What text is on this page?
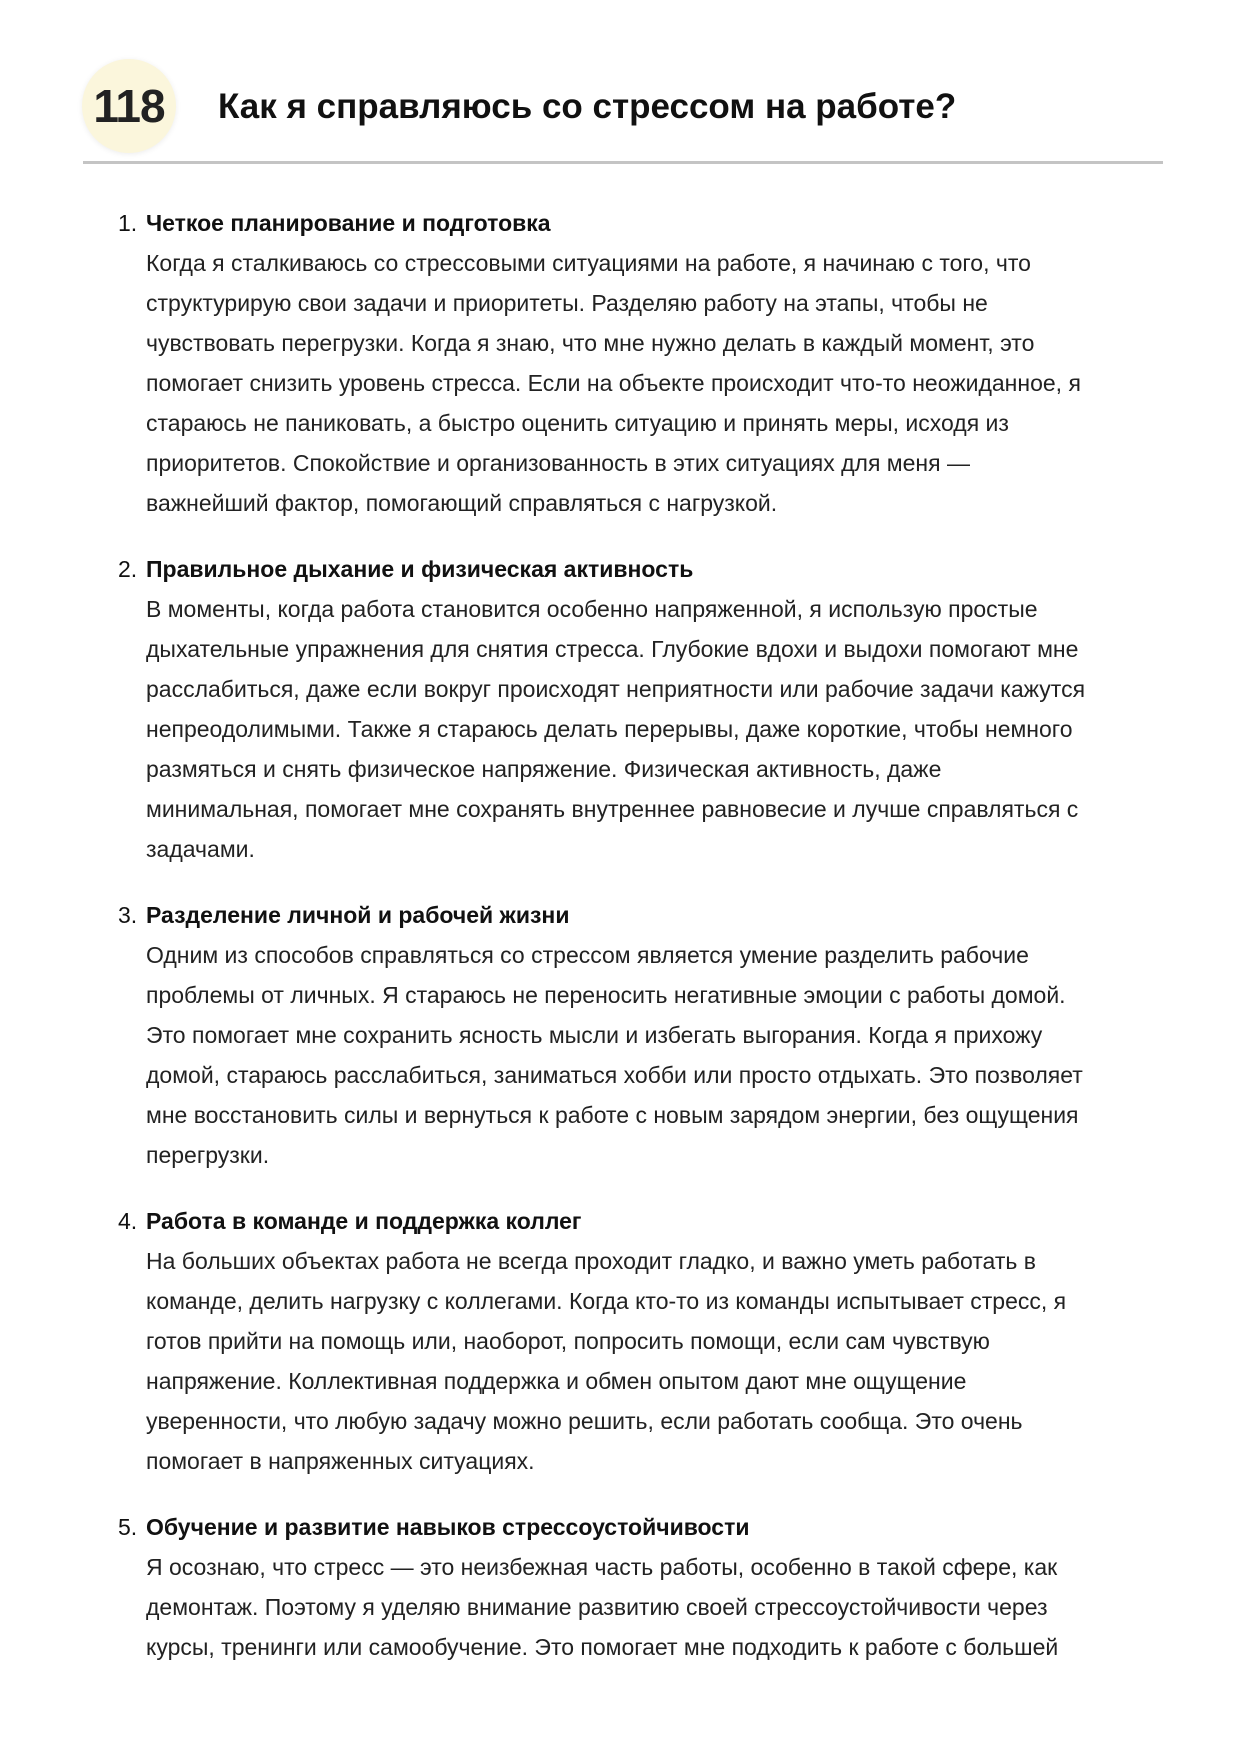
118	Как я справляюсь со стрессом на работе?
1. Четкое планирование и подготовка
Когда я сталкиваюсь со стрессовыми ситуациями на работе, я начинаю с того, что
структурирую свои задачи и приоритеты. Разделяю работу на этапы, чтобы не
чувствовать перегрузки. Когда я знаю, что мне нужно делать в каждый момент, это
помогает снизить уровень стресса. Если на объекте происходит что-то неожиданное, я
стараюсь не паниковать, а быстро оценить ситуацию и принять меры, исходя из
приоритетов. Спокойствие и организованность в этих ситуациях для меня —
важнейший фактор, помогающий справляться с нагрузкой.
2. Правильное дыхание и физическая активность
В моменты, когда работа становится особенно напряженной, я использую простые
дыхательные упражнения для снятия стресса. Глубокие вдохи и выдохи помогают мне
расслабиться, даже если вокруг происходят неприятности или рабочие задачи кажутся
непреодолимыми. Также я стараюсь делать перерывы, даже короткие, чтобы немного
размяться и снять физическое напряжение. Физическая активность, даже
минимальная, помогает мне сохранять внутреннее равновесие и лучше справляться с
задачами.
3. Разделение личной и рабочей жизни
Одним из способов справляться со стрессом является умение разделить рабочие
проблемы от личных. Я стараюсь не переносить негативные эмоции с работы домой.
Это помогает мне сохранить ясность мысли и избегать выгорания. Когда я прихожу
домой, стараюсь расслабиться, заниматься хобби или просто отдыхать. Это позволяет
мне восстановить силы и вернуться к работе с новым зарядом энергии, без ощущения
перегрузки.
4. Работа в команде и поддержка коллег
На больших объектах работа не всегда проходит гладко, и важно уметь работать в
команде, делить нагрузку с коллегами. Когда кто-то из команды испытывает стресс, я
готов прийти на помощь или, наоборот, попросить помощи, если сам чувствую
напряжение. Коллективная поддержка и обмен опытом дают мне ощущение
уверенности, что любую задачу можно решить, если работать сообща. Это очень
помогает в напряженных ситуациях.
5. Обучение и развитие навыков стрессоустойчивости
Я осознаю, что стресс — это неизбежная часть работы, особенно в такой сфере, как
демонтаж. Поэтому я уделяю внимание развитию своей стрессоустойчивости через
курсы, тренинги или самообучение. Это помогает мне подходить к работе с большей
